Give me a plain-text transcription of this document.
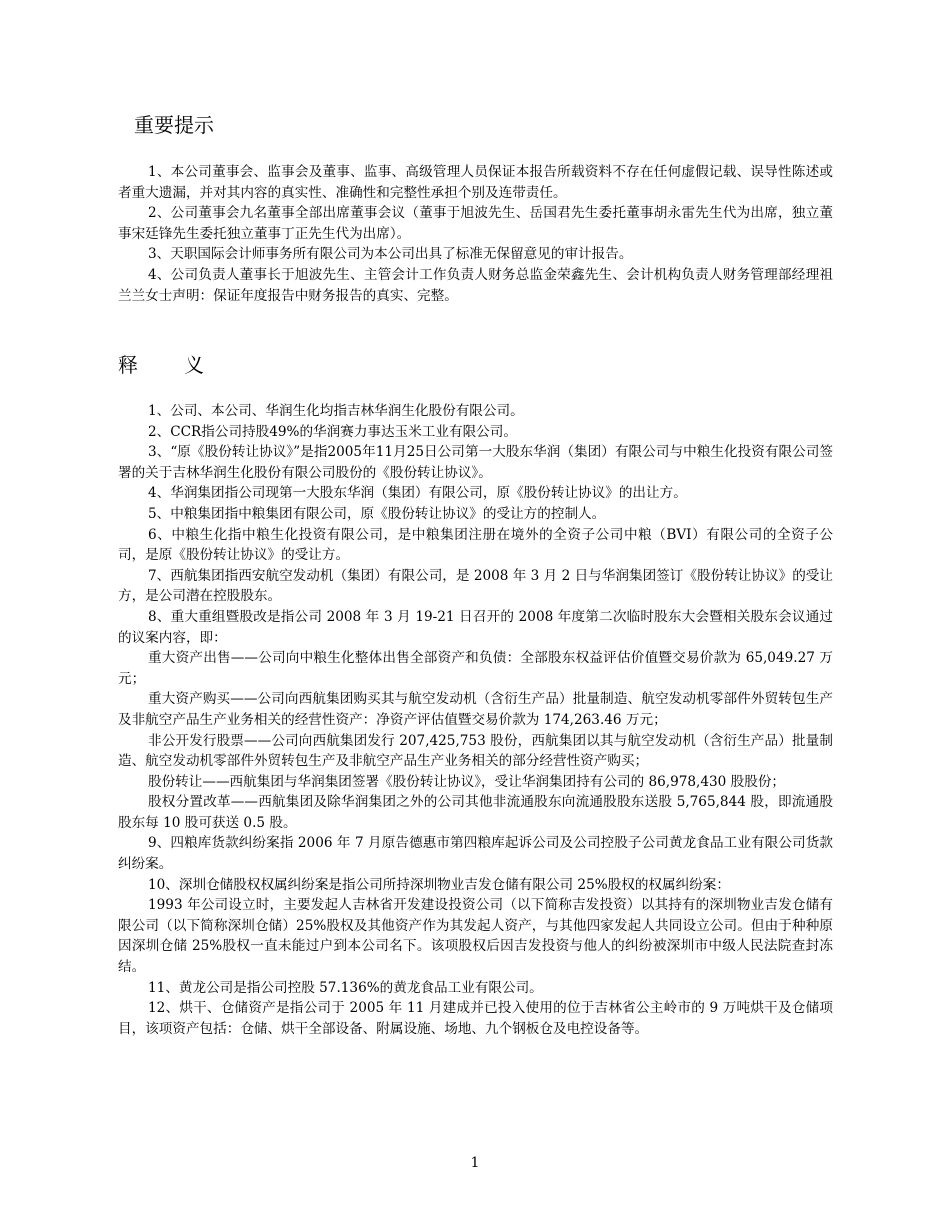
重要提示

1、本公司董事会、监事会及董事、监事、高级管理人员保证本报告所载资料不存在任何虚假记载、误导性陈述或者重大遗漏，并对其内容的真实性、准确性和完整性承担个别及连带责任。

2、公司董事会九名董事全部出席董事会议（董事于旭波先生、岳国君先生委托董事胡永雷先生代为出席，独立董事宋廷锋先生委托独立董事丁正先生代为出席）。

3、天职国际会计师事务所有限公司为本公司出具了标准无保留意见的审计报告。

4、公司负责人董事长于旭波先生、主管会计工作负责人财务总监金荣鑫先生、会计机构负责人财务管理部经理祖兰兰女士声明：保证年度报告中财务报告的真实、完整。

释义

1、公司、本公司、华润生化均指吉林华润生化股份有限公司。

2、CCR指公司持股49%的华润赛力事达玉米工业有限公司。

3、“原《股份转让协议》”是指2005年11月25日公司第一大股东华润（集团）有限公司与中粮生化投资有限公司签署的关于吉林华润生化股份有限公司股份的《股份转让协议》。

4、华润集团指公司现第一大股东华润（集团）有限公司，原《股份转让协议》的出让方。

5、中粮集团指中粮集团有限公司，原《股份转让协议》的受让方的控制人。

6、中粮生化指中粮生化投资有限公司，是中粮集团注册在境外的全资子公司中粮（BVI）有限公司的全资子公司，是原《股份转让协议》的受让方。

7、西航集团指西安航空发动机（集团）有限公司，是 2008 年 3 月 2 日与华润集团签订《股份转让协议》的受让方，是公司潜在控股股东。

8、重大重组暨股改是指公司 2008 年 3 月 19-21 日召开的 2008 年度第二次临时股东大会暨相关股东会议通过的议案内容，即：

重大资产出售——公司向中粮生化整体出售全部资产和负债：全部股东权益评估价值暨交易价款为 65,049.27 万元；

重大资产购买——公司向西航集团购买其与航空发动机（含衍生产品）批量制造、航空发动机零部件外贸转包生产及非航空产品生产业务相关的经营性资产：净资产评估值暨交易价款为 174,263.46 万元；

非公开发行股票——公司向西航集团发行 207,425,753 股份，西航集团以其与航空发动机（含衍生产品）批量制造、航空发动机零部件外贸转包生产及非航空产品生产业务相关的部分经营性资产购买；

股份转让——西航集团与华润集团签署《股份转让协议》，受让华润集团持有公司的 86,978,430 股股份；

股权分置改革——西航集团及除华润集团之外的公司其他非流通股东向流通股股东送股 5,765,844 股，即流通股股东每 10 股可获送 0.5 股。

9、四粮库货款纠纷案指 2006 年 7 月原告德惠市第四粮库起诉公司及公司控股子公司黄龙食品工业有限公司货款纠纷案。

10、深圳仓储股权权属纠纷案是指公司所持深圳物业吉发仓储有限公司 25%股权的权属纠纷案：

1993 年公司设立时，主要发起人吉林省开发建设投资公司（以下简称吉发投资）以其持有的深圳物业吉发仓储有限公司（以下简称深圳仓储）25%股权及其他资产作为其发起人资产，与其他四家发起人共同设立公司。但由于种种原因深圳仓储 25%股权一直未能过户到本公司名下。该项股权后因吉发投资与他人的纠纷被深圳市中级人民法院查封冻结。

11、黄龙公司是指公司控股 57.136%的黄龙食品工业有限公司。

12、烘干、仓储资产是指公司于 2005 年 11 月建成并已投入使用的位于吉林省公主岭市的 9 万吨烘干及仓储项目，该项资产包括：仓储、烘干全部设备、附属设施、场地、九个钢板仓及电控设备等。

1
